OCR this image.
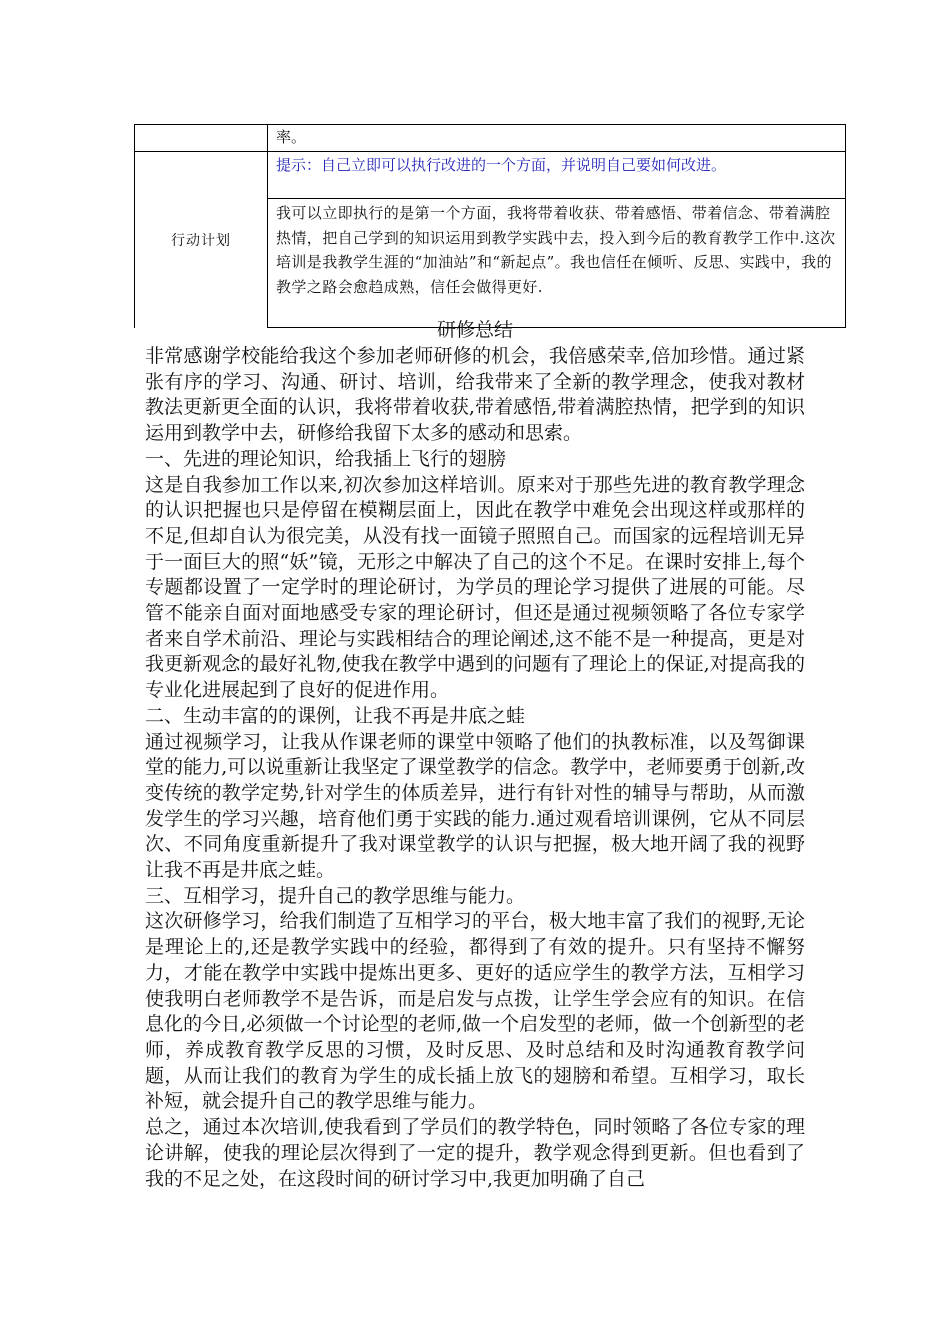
	率。
行动计划	提示：自己立即可以执行改进的一个方面，并说明自己要如何改进。
	我可以立即执行的是第一个方面，我将带着收获、带着感悟、带着信念、带着满腔热情，把自己学到的知识运用到教学实践中去，投入到今后的教育教学工作中.这次培训是我教学生涯的“加油站”和“新起点”。我也信任在倾听、反思、实践中，我的教学之路会愈趋成熟，信任会做得更好.
研修总结

非常感谢学校能给我这个参加老师研修的机会，我倍感荣幸,倍加珍惜。通过紧张有序的学习、沟通、研讨、培训，给我带来了全新的教学理念，使我对教材教法更新更全面的认识，我将带着收获,带着感悟,带着满腔热情，把学到的知识运用到教学中去，研修给我留下太多的感动和思索。

一、先进的理论知识，给我插上飞行的翅膀

这是自我参加工作以来,初次参加这样培训。原来对于那些先进的教育教学理念的认识把握也只是停留在模糊层面上，因此在教学中难免会出现这样或那样的不足,但却自认为很完美，从没有找一面镜子照照自己。而国家的远程培训无异于一面巨大的照“妖”镜，无形之中解决了自己的这个不足。在课时安排上,每个专题都设置了一定学时的理论研讨，为学员的理论学习提供了进展的可能。尽管不能亲自面对面地感受专家的理论研讨，但还是通过视频领略了各位专家学者来自学术前沿、理论与实践相结合的理论阐述,这不能不是一种提高，更是对我更新观念的最好礼物,使我在教学中遇到的问题有了理论上的保证,对提高我的专业化进展起到了良好的促进作用。

二、生动丰富的的课例，让我不再是井底之蛙

通过视频学习，让我从作课老师的课堂中领略了他们的执教标准，以及驾御课堂的能力,可以说重新让我坚定了课堂教学的信念。教学中，老师要勇于创新,改变传统的教学定势,针对学生的体质差异，进行有针对性的辅导与帮助，从而激发学生的学习兴趣，培育他们勇于实践的能力.通过观看培训课例，它从不同层次、不同角度重新提升了我对课堂教学的认识与把握，极大地开阔了我的视野让我不再是井底之蛙。

三、互相学习，提升自己的教学思维与能力。

这次研修学习，给我们制造了互相学习的平台，极大地丰富了我们的视野,无论是理论上的,还是教学实践中的经验，都得到了有效的提升。只有坚持不懈努力，才能在教学中实践中提炼出更多、更好的适应学生的教学方法，互相学习使我明白老师教学不是告诉，而是启发与点拨，让学生学会应有的知识。在信息化的今日,必须做一个讨论型的老师,做一个启发型的老师，做一个创新型的老师，养成教育教学反思的习惯，及时反思、及时总结和及时沟通教育教学问题，从而让我们的教育为学生的成长插上放飞的翅膀和希望。互相学习，取长补短，就会提升自己的教学思维与能力。

总之，通过本次培训,使我看到了学员们的教学特色，同时领略了各位专家的理论讲解，使我的理论层次得到了一定的提升，教学观念得到更新。但也看到了我的不足之处，在这段时间的研讨学习中,我更加明确了自己
